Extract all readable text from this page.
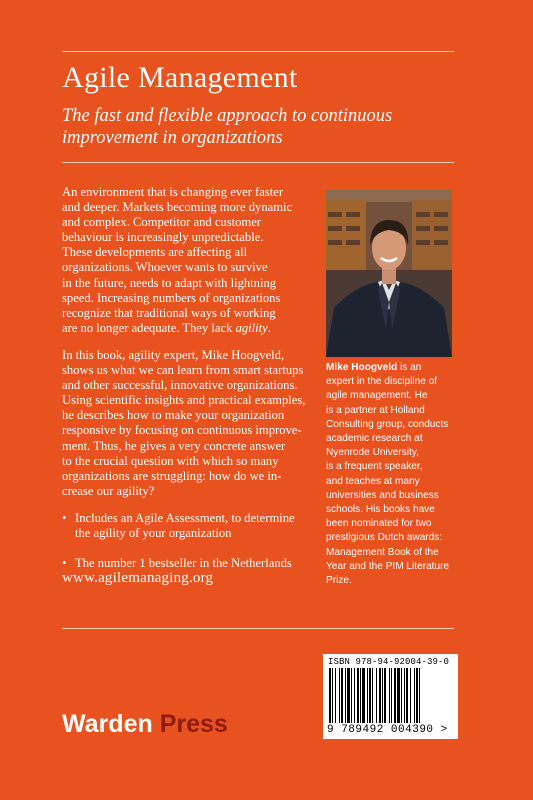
Agile Management
The fast and flexible approach to continuous improvement in organizations

An environment that is changing ever faster
and deeper. Markets becoming more dynamic
and complex. Competitor and customer
behaviour is increasingly unpredictable.
These developments are affecting all
organizations. Whoever wants to survive
in the future, needs to adapt with lightning
speed. Increasing numbers of organizations
recognize that traditional ways of working
are no longer adequate. They lack agility.

In this book, agility expert, Mike Hoogveld,
shows us what we can learn from smart startups
and other successful, innovative organizations.
Using scientific insights and practical examples,
he describes how to make your organization
responsive by focusing on continuous improve-
ment. Thus, he gives a very concrete answer
to the crucial question with which so many
organizations are struggling: how do we in-
crease our agility?

• Includes an Agile Assessment, to determine
the agility of your organization
• The number 1 bestseller in the Netherlands
www.agilemanaging.org
Mike Hoogveld is an
expert in the discipline of
agile management. He
is a partner at Holland
Consulting group, conducts
academic research at
Nyenrode University,
is a frequent speaker,
and teaches at many
universities and business
schools. His books have
been nominated for two
prestigious Dutch awards:
Management Book of the
Year and the PIM Literature
Prize.
ISBN 978-94-92004-39-0
9 789492 004390 >
Warden Press
